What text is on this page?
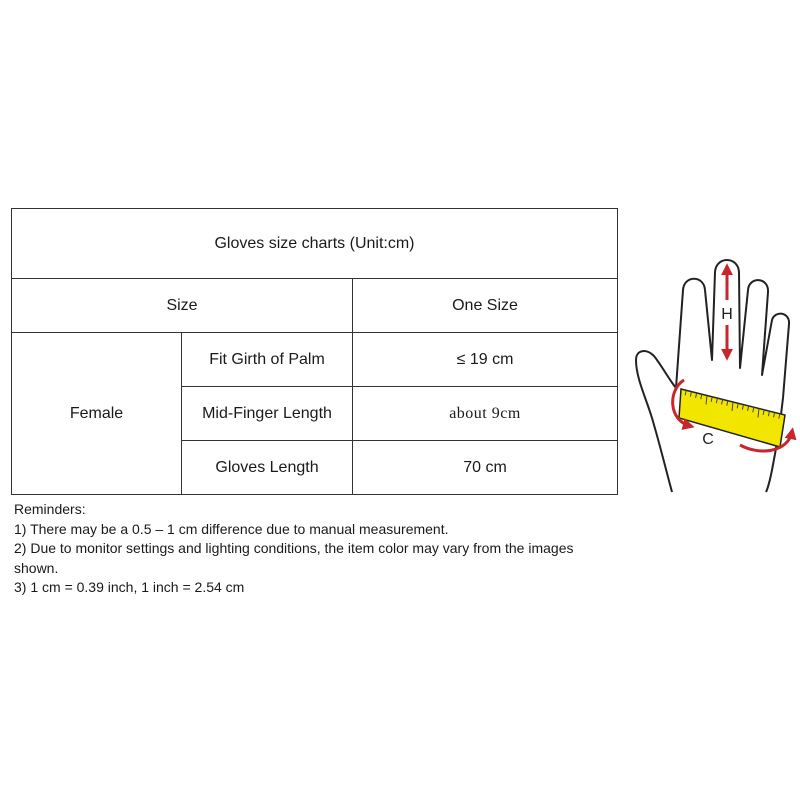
Gloves size charts (Unit:cm)		
Size		One Size
Female	Fit Girth of Palm	≤ 19 cm
	Mid-Finger Length	about 9cm
	Gloves Length	70 cm

Reminders:

1) There may be a 0.5 – 1 cm difference due to manual measurement.

2) Due to monitor settings and lighting conditions, the item color may vary from the images shown.

3) 1 cm = 0.39 inch, 1 inch = 2.54 cm

H
C
